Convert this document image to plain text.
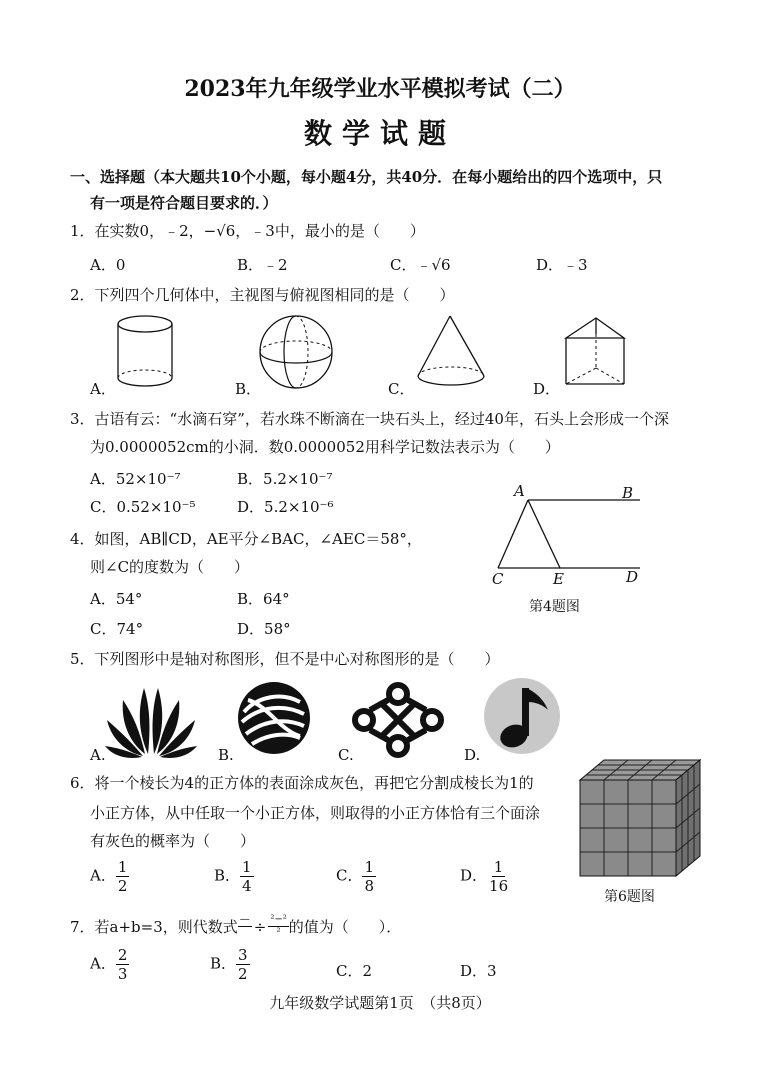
2023年九年级学业水平模拟考试（二）
数学试题
一、选择题（本大题共10个小题，每小题4分，共40分．在每小题给出的四个选项中，只
有一项是符合题目要求的．）
1．在实数0，﹣2，−√6，﹣3中，最小的是（　　）
A．0	B．﹣2	C．﹣√6	D．﹣3
2．下列四个几何体中，主视图与俯视图相同的是（　　）
A．	B．	C．	D．
3．古语有云：“水滴石穿”，若水珠不断滴在一块石头上，经过40年，石头上会形成一个深
为0.0000052cm的小洞．数0.0000052用科学记数法表示为（　　）
A．52×10⁻⁷	B．5.2×10⁻⁷
C．0.52×10⁻⁵	D．5.2×10⁻⁶
4．如图，AB∥CD，AE平分∠BAC，∠AEC＝58°，
则∠C的度数为（　　）
A．54°	B．64°
C．74°	D．58°
A	B
C	E	D
第4题图
5．下列图形中是轴对称图形，但不是中心对称图形的是（　　）
A.	B.	C.	D.
6．将一个棱长为4的正方体的表面涂成灰色，再把它分割成棱长为1的
小正方体，从中任取一个小正方体，则取得的小正方体恰有三个面涂
有灰色的概率为（　　）
A． $\frac{1}{2}$	B． $\frac{1}{4}$	C． $\frac{1}{8}$	D． $\frac{1}{16}$
第6题图
7．若a+b=3，则代数式 —
÷ $\frac{\text{²−²}}{\text{²}}$ 的值为（　　）．
A． $\frac{2}{3}$	B． $\frac{3}{2}$	C．2	D．3
九年级数学试题第1页　（共8页）
